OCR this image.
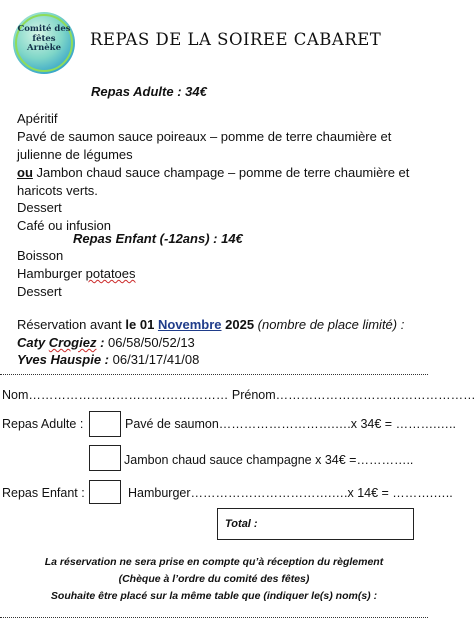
Comité des
fêtes
Arnèke	REPAS DE LA SOIREE CABARET
Repas Adulte : 34€
Apéritif
Pavé de saumon sauce poireaux – pomme de terre chaumière et
julienne de légumes
ou Jambon chaud sauce champage – pomme de terre chaumière et
haricots verts.
Dessert
Café ou infusion
Repas Enfant (-12ans) : 14€
Boisson
Hamburger potatoes
Dessert
Réservation avant le 01 Novembre 2025 (nombre de place limité) :
Caty Crogiez : 06/58/50/52/13
Yves Hauspie : 06/31/17/41/08
Nom………………………………………… Prénom…………………………………………
Repas Adulte :	Pavé de saumon……………………….….x 34€ = ……….…..
Jambon chaud sauce champagne x 34€ =…………..
Repas Enfant :	Hamburger…………………………….….x 14€ = ……….…..
Total :
La réservation ne sera prise en compte qu’à réception du règlement
(Chèque à l’ordre du comité des fêtes)
Souhaite être placé sur la même table que (indiquer le(s) nom(s) :
